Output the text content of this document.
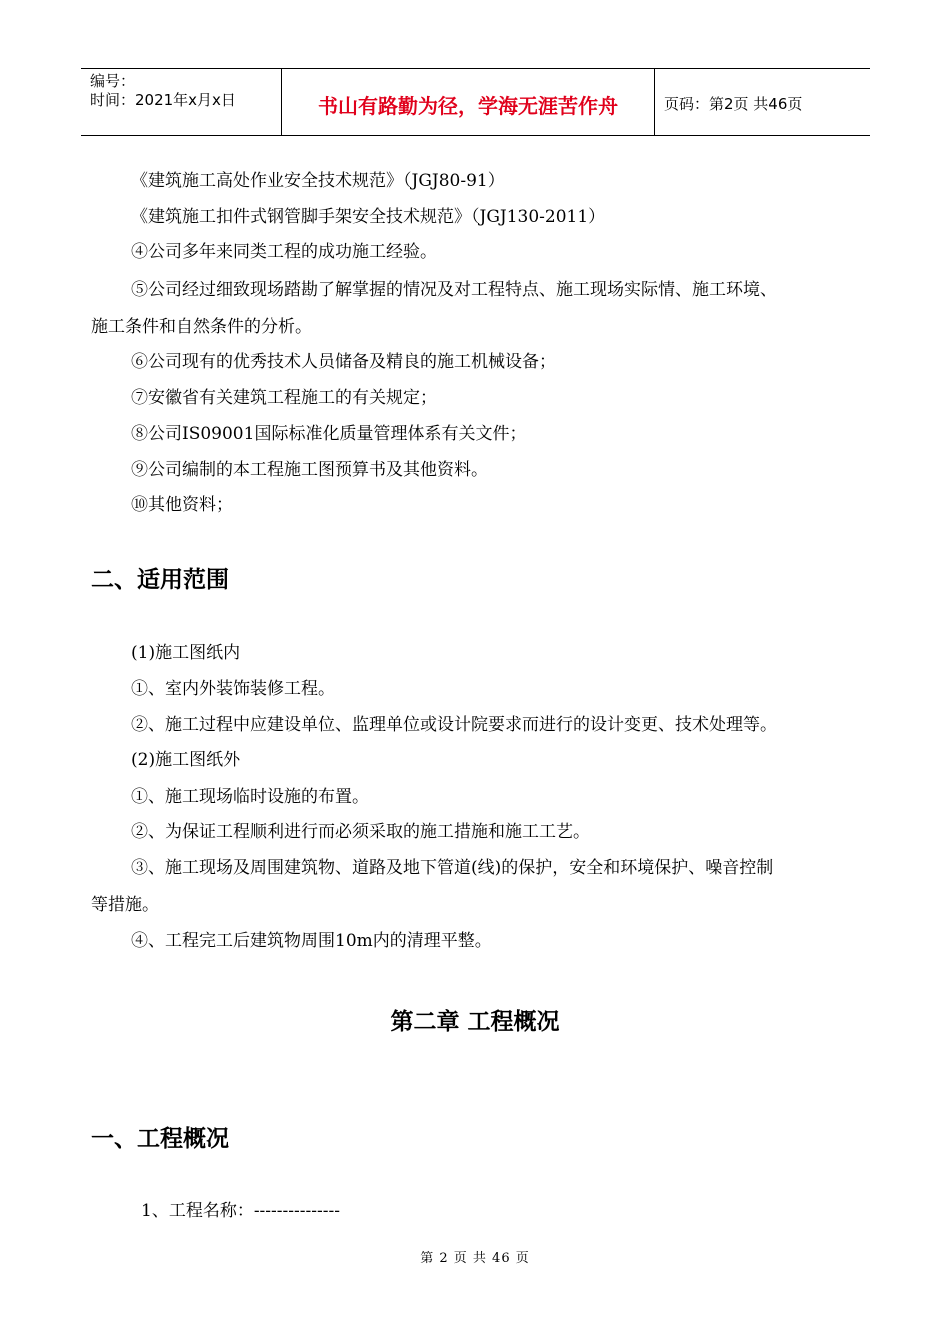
编号：
时间：2021年x月x日	书山有路勤为径，学海无涯苦作舟	页码：第2页 共46页
《建筑施工高处作业安全技术规范》（JGJ80-91）
《建筑施工扣件式钢管脚手架安全技术规范》（JGJ130-2011）
④公司多年来同类工程的成功施工经验。
⑤公司经过细致现场踏勘了解掌握的情况及对工程特点、施工现场实际情、施工环境、
施工条件和自然条件的分析。
⑥公司现有的优秀技术人员储备及精良的施工机械设备；
⑦安徽省有关建筑工程施工的有关规定；
⑧公司IS09001国际标准化质量管理体系有关文件；
⑨公司编制的本工程施工图预算书及其他资料。
⑩其他资料；
二、适用范围
(1)施工图纸内
①、室内外装饰装修工程。
②、施工过程中应建设单位、监理单位或设计院要求而进行的设计变更、技术处理等。
(2)施工图纸外
①、施工现场临时设施的布置。
②、为保证工程顺利进行而必须采取的施工措施和施工工艺。
③、施工现场及周围建筑物、道路及地下管道(线)的保护，安全和环境保护、噪音控制
等措施。
④、工程完工后建筑物周围10m内的清理平整。
第二章 工程概况
一、工程概况
1、工程名称：---------------
第 2 页 共 46 页
